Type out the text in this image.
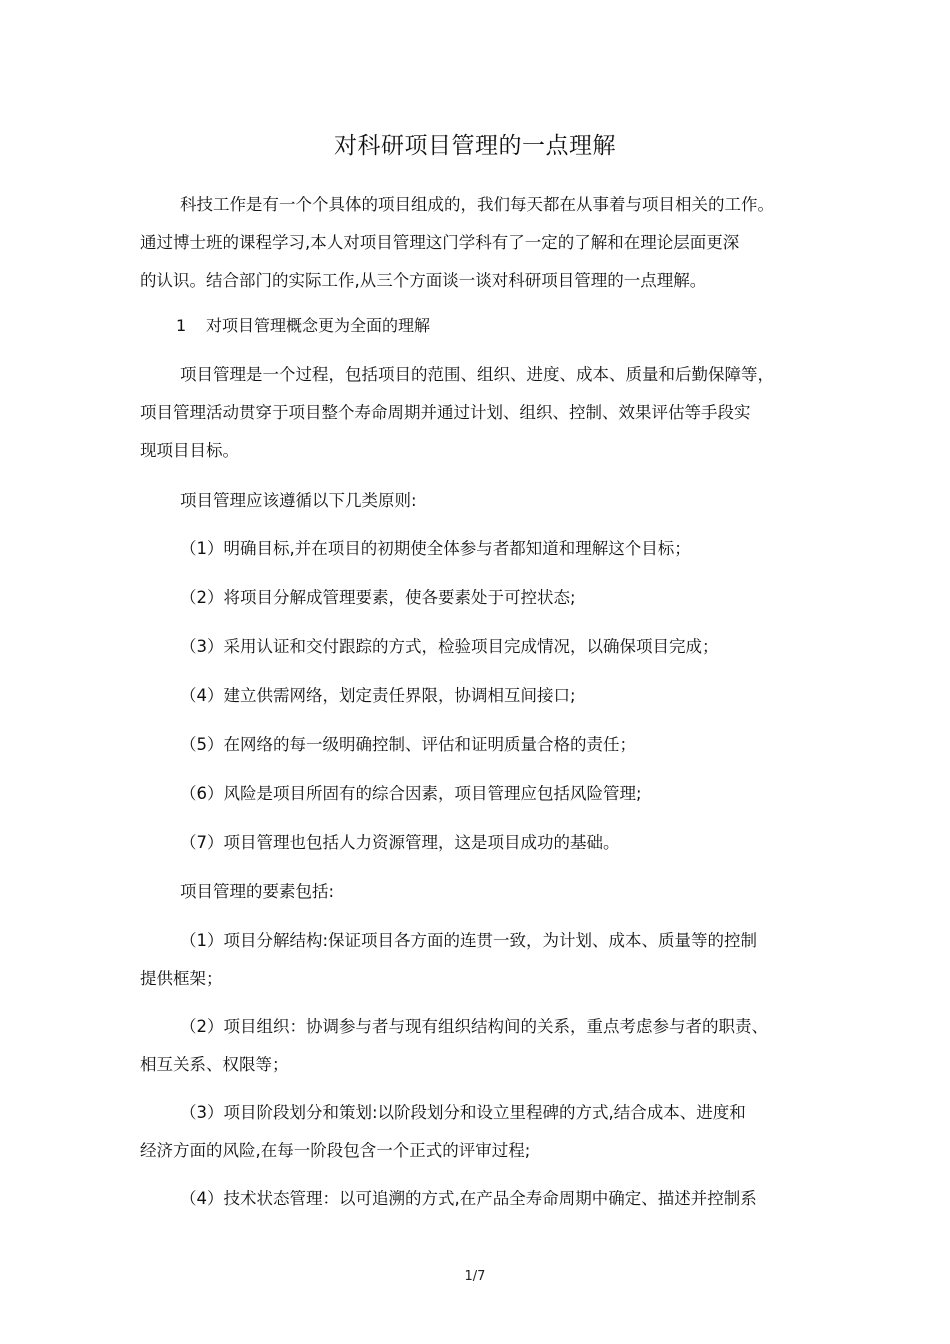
对科研项目管理的一点理解
科技工作是有一个个具体的项目组成的，我们每天都在从事着与项目相关的工作。
通过博士班的课程学习,本人对项目管理这门学科有了一定的了解和在理论层面更深
的认识。结合部门的实际工作,从三个方面谈一谈对科研项目管理的一点理解。
1 对项目管理概念更为全面的理解
项目管理是一个过程，包括项目的范围、组织、进度、成本、质量和后勤保障等，
项目管理活动贯穿于项目整个寿命周期并通过计划、组织、控制、效果评估等手段实
现项目目标。
项目管理应该遵循以下几类原则:
（1）明确目标,并在项目的初期使全体参与者都知道和理解这个目标；
（2）将项目分解成管理要素，使各要素处于可控状态;
（3）采用认证和交付跟踪的方式，检验项目完成情况，以确保项目完成；
（4）建立供需网络，划定责任界限，协调相互间接口;
（5）在网络的每一级明确控制、评估和证明质量合格的责任；
（6）风险是项目所固有的综合因素，项目管理应包括风险管理;
（7）项目管理也包括人力资源管理，这是项目成功的基础。
项目管理的要素包括:
（1）项目分解结构:保证项目各方面的连贯一致，为计划、成本、质量等的控制
提供框架；
（2）项目组织：协调参与者与现有组织结构间的关系，重点考虑参与者的职责、
相互关系、权限等；
（3）项目阶段划分和策划:以阶段划分和设立里程碑的方式,结合成本、进度和
经济方面的风险,在每一阶段包含一个正式的评审过程;
（4）技术状态管理：以可追溯的方式,在产品全寿命周期中确定、描述并控制系
1/7
